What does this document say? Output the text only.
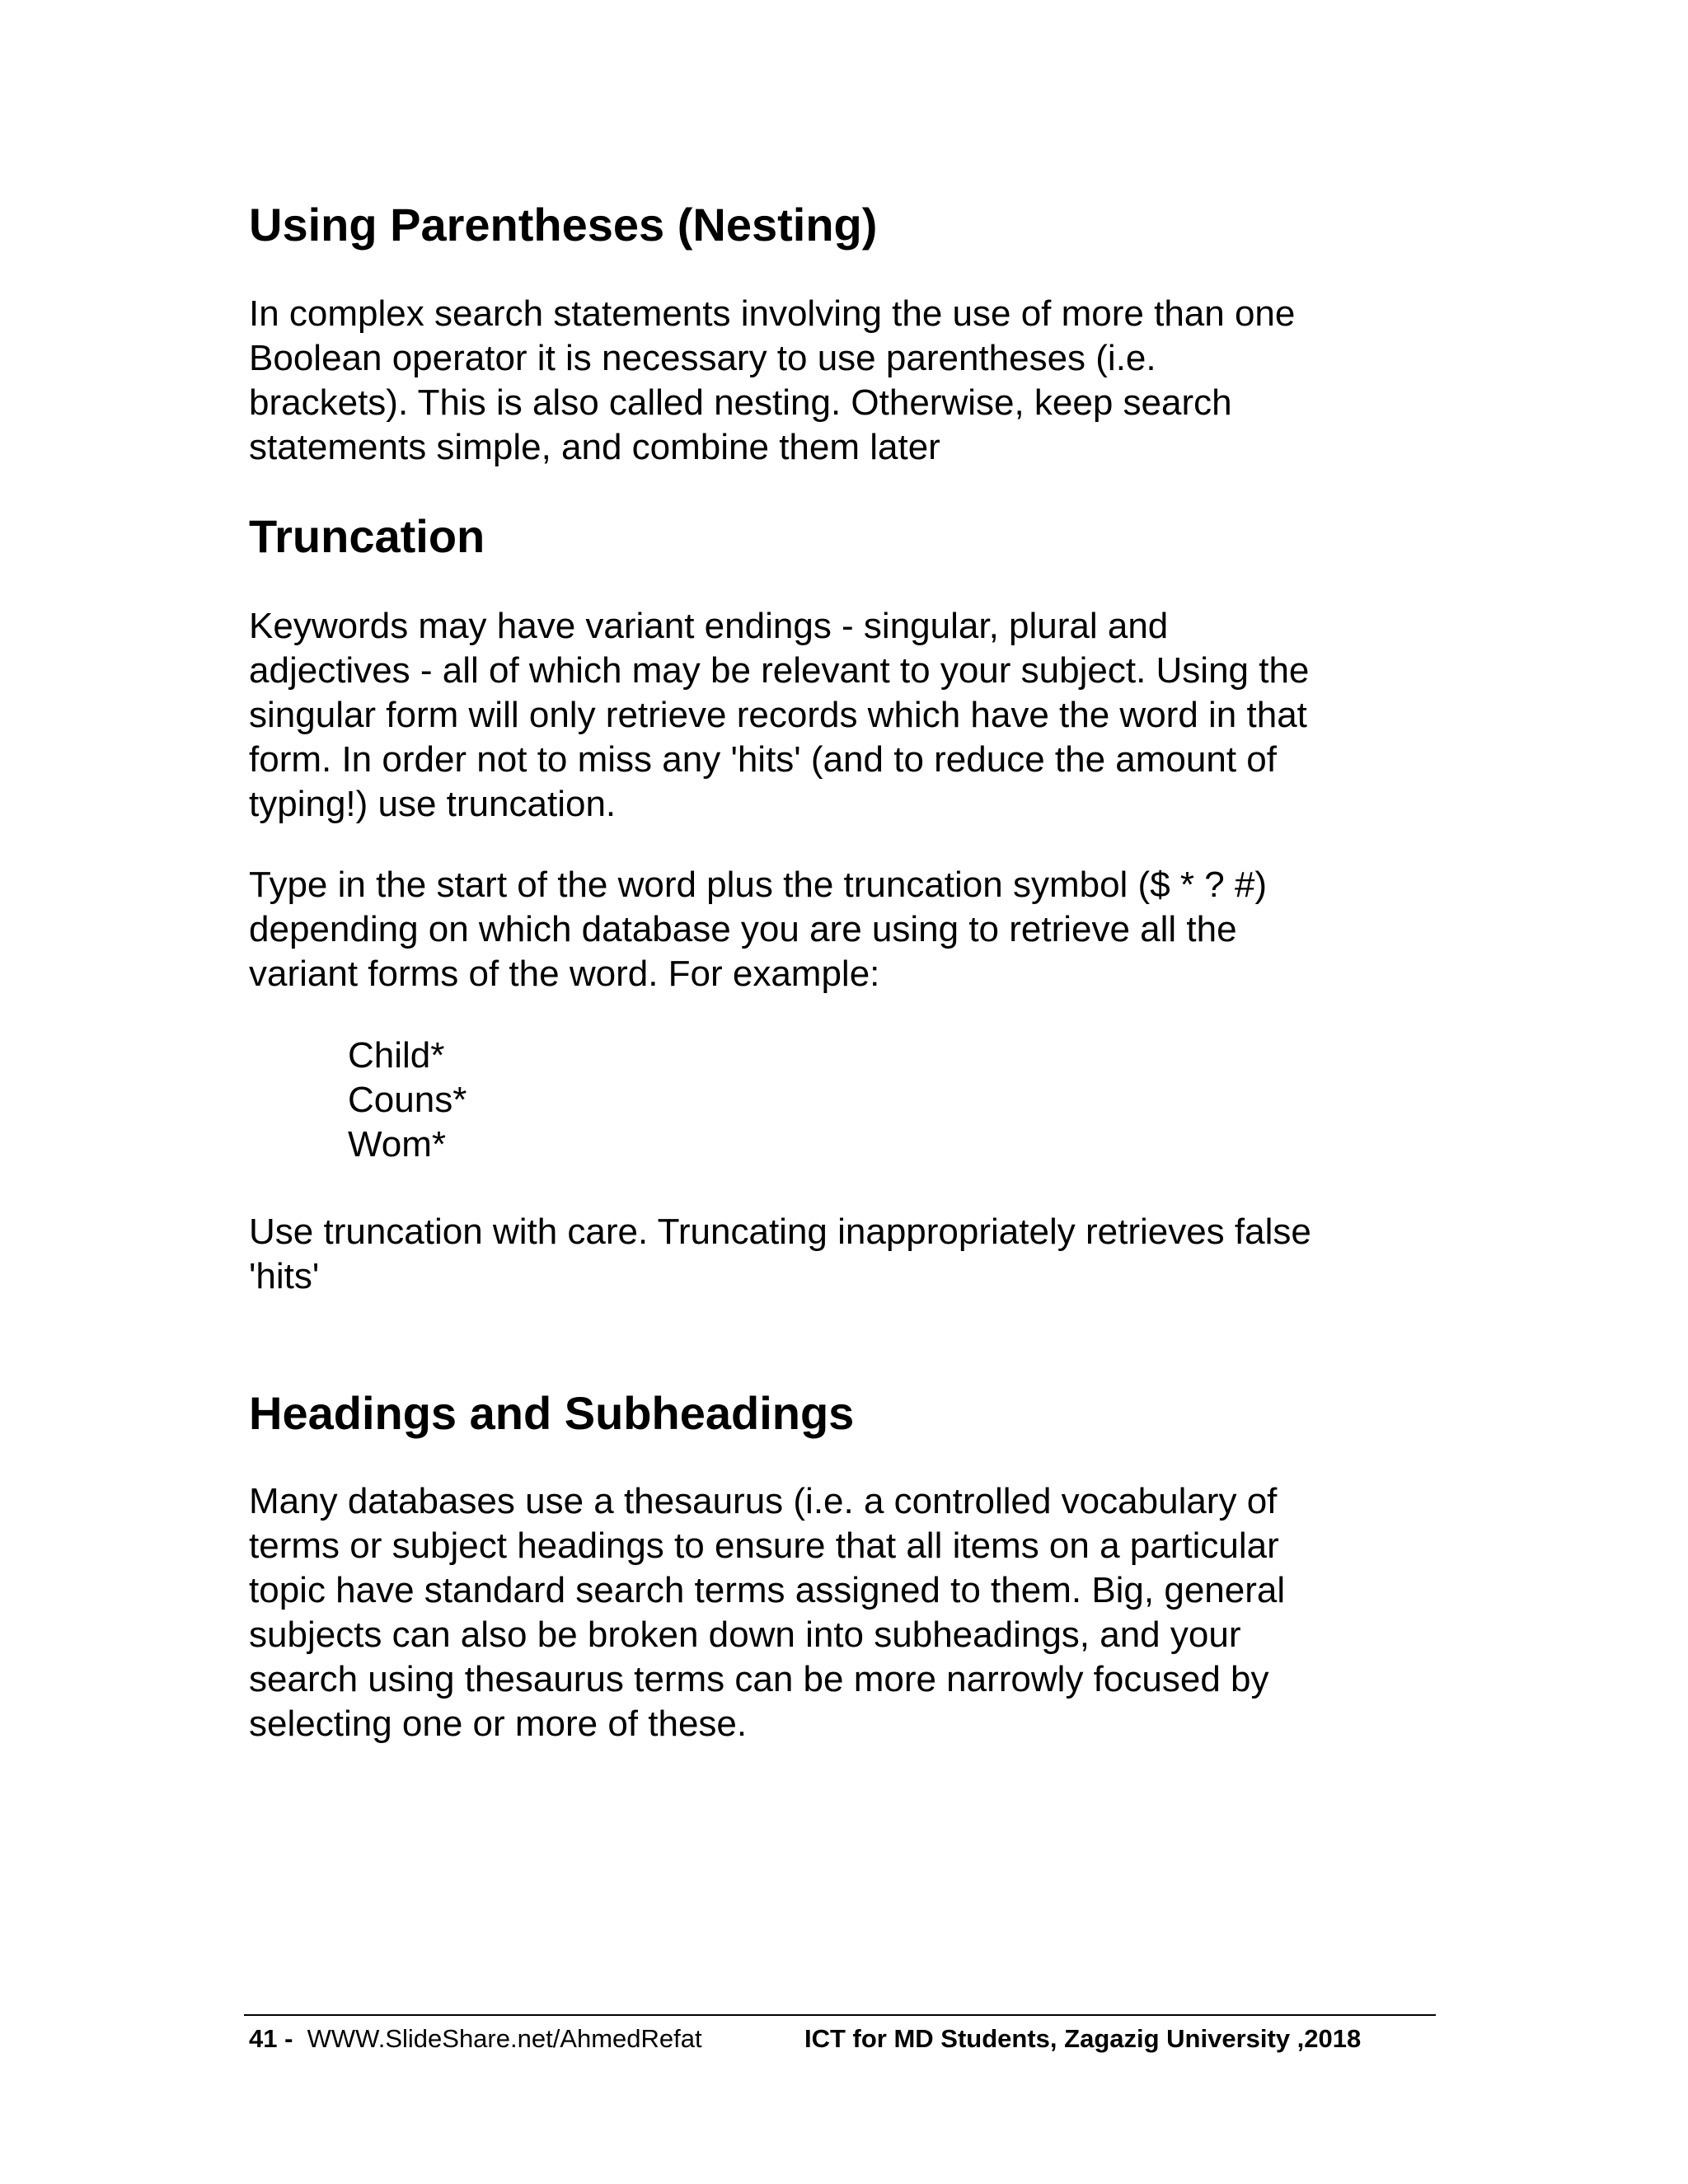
Using Parentheses (Nesting)

In complex search statements involving the use of more than one
Boolean operator it is necessary to use parentheses (i.e.
brackets). This is also called nesting. Otherwise, keep search
statements simple, and combine them later

Truncation

Keywords may have variant endings - singular, plural and
adjectives - all of which may be relevant to your subject. Using the
singular form will only retrieve records which have the word in that
form. In order not to miss any 'hits' (and to reduce the amount of
typing!) use truncation.

Type in the start of the word plus the truncation symbol ($ * ? #)
depending on which database you are using to retrieve all the
variant forms of the word. For example:

Child*
Couns*
Wom*

Use truncation with care. Truncating inappropriately retrieves false
'hits'

Headings and Subheadings

Many databases use a thesaurus (i.e. a controlled vocabulary of
terms or subject headings to ensure that all items on a particular
topic have standard search terms assigned to them. Big, general
subjects can also be broken down into subheadings, and your
search using thesaurus terms can be more narrowly focused by
selecting one or more of these.

41 - WWW.SlideShare.net/AhmedRefat	ICT for MD Students, Zagazig University ,2018
